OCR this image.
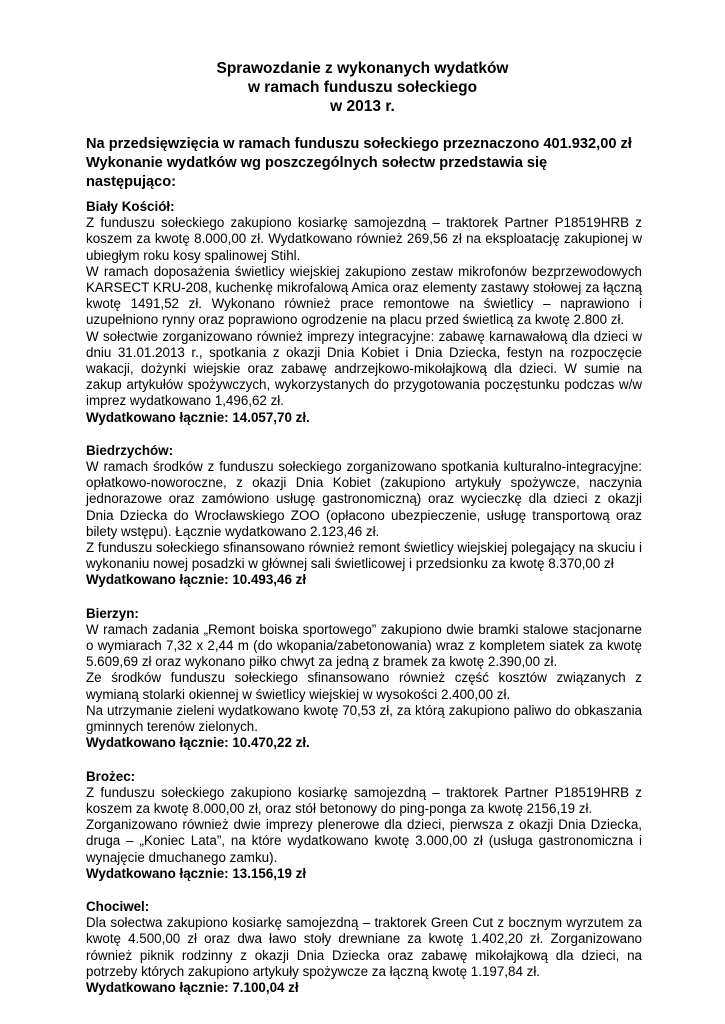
Sprawozdanie z wykonanych wydatków
w ramach funduszu sołeckiego
w 2013 r.
Na przedsięwzięcia w ramach funduszu sołeckiego przeznaczono 401.932,00 zł
Wykonanie wydatków wg poszczególnych sołectw przedstawia się
następująco:
Biały Kościół:
Z funduszu sołeckiego zakupiono kosiarkę samojezdną – traktorek Partner P18519HRB z koszem za kwotę 8.000,00 zł. Wydatkowano również 269,56 zł na eksploatację zakupionej w ubiegłym roku kosy spalinowej Stihl.
W ramach doposażenia świetlicy wiejskiej zakupiono zestaw mikrofonów bezprzewodowych KARSECT KRU-208, kuchenkę mikrofalową Amica oraz elementy zastawy stołowej za łączną kwotę 1491,52 zł. Wykonano również prace remontowe na świetlicy – naprawiono i uzupełniono rynny oraz poprawiono ogrodzenie na placu przed świetlicą za kwotę 2.800 zł.
W sołectwie zorganizowano również imprezy integracyjne: zabawę karnawałową dla dzieci w dniu 31.01.2013 r., spotkania z okazji Dnia Kobiet i Dnia Dziecka, festyn na rozpoczęcie wakacji, dożynki wiejskie oraz zabawę andrzejkowo-mikołajkową dla dzieci. W sumie na zakup artykułów spożywczych, wykorzystanych do przygotowania poczęstunku podczas w/w imprez wydatkowano 1,496,62 zł.
Wydatkowano łącznie: 14.057,70 zł.
Biedrzychów:
W ramach środków z funduszu sołeckiego zorganizowano spotkania kulturalno-integracyjne: opłatkowo-noworoczne, z okazji Dnia Kobiet (zakupiono artykuły spożywcze, naczynia jednorazowe oraz zamówiono usługę gastronomiczną) oraz wycieczkę dla dzieci z okazji Dnia Dziecka do Wrocławskiego ZOO (opłacono ubezpieczenie, usługę transportową oraz bilety wstępu). Łącznie wydatkowano 2.123,46 zł.
Z funduszu sołeckiego sfinansowano również remont świetlicy wiejskiej polegający na skuciu i wykonaniu nowej posadzki w głównej sali świetlicowej i przedsionku za kwotę 8.370,00 zł
Wydatkowano łącznie: 10.493,46 zł
Bierzyn:
W ramach zadania „Remont boiska sportowego” zakupiono dwie bramki stalowe stacjonarne o wymiarach 7,32 x 2,44 m (do wkopania/zabetonowania) wraz z kompletem siatek za kwotę 5.609,69 zł oraz wykonano piłko chwyt za jedną z bramek za kwotę 2.390,00 zł.
Ze środków funduszu sołeckiego sfinansowano również część kosztów związanych z wymianą stolarki okiennej w świetlicy wiejskiej w wysokości 2.400,00 zł.
Na utrzymanie zieleni wydatkowano kwotę 70,53 zł, za którą zakupiono paliwo do obkaszania gminnych terenów zielonych.
Wydatkowano łącznie: 10.470,22 zł.
Brożec:
Z funduszu sołeckiego zakupiono kosiarkę samojezdną – traktorek Partner P18519HRB z koszem za kwotę 8.000,00 zł, oraz stół betonowy do ping-ponga za kwotę 2156,19 zł.
Zorganizowano również dwie imprezy plenerowe dla dzieci, pierwsza z okazji Dnia Dziecka, druga – „Koniec Lata”, na które wydatkowano kwotę 3.000,00 zł (usługa gastronomiczna i wynajęcie dmuchanego zamku).
Wydatkowano łącznie: 13.156,19 zł
Chociwel:
Dla sołectwa zakupiono kosiarkę samojezdną – traktorek Green Cut z bocznym wyrzutem za kwotę 4.500,00 zł oraz dwa ławo stoły drewniane za kwotę 1.402,20 zł. Zorganizowano również piknik rodzinny z okazji Dnia Dziecka oraz zabawę mikołajkową dla dzieci, na potrzeby których zakupiono artykuły spożywcze za łączną kwotę 1.197,84 zł.
Wydatkowano łącznie: 7.100,04 zł
